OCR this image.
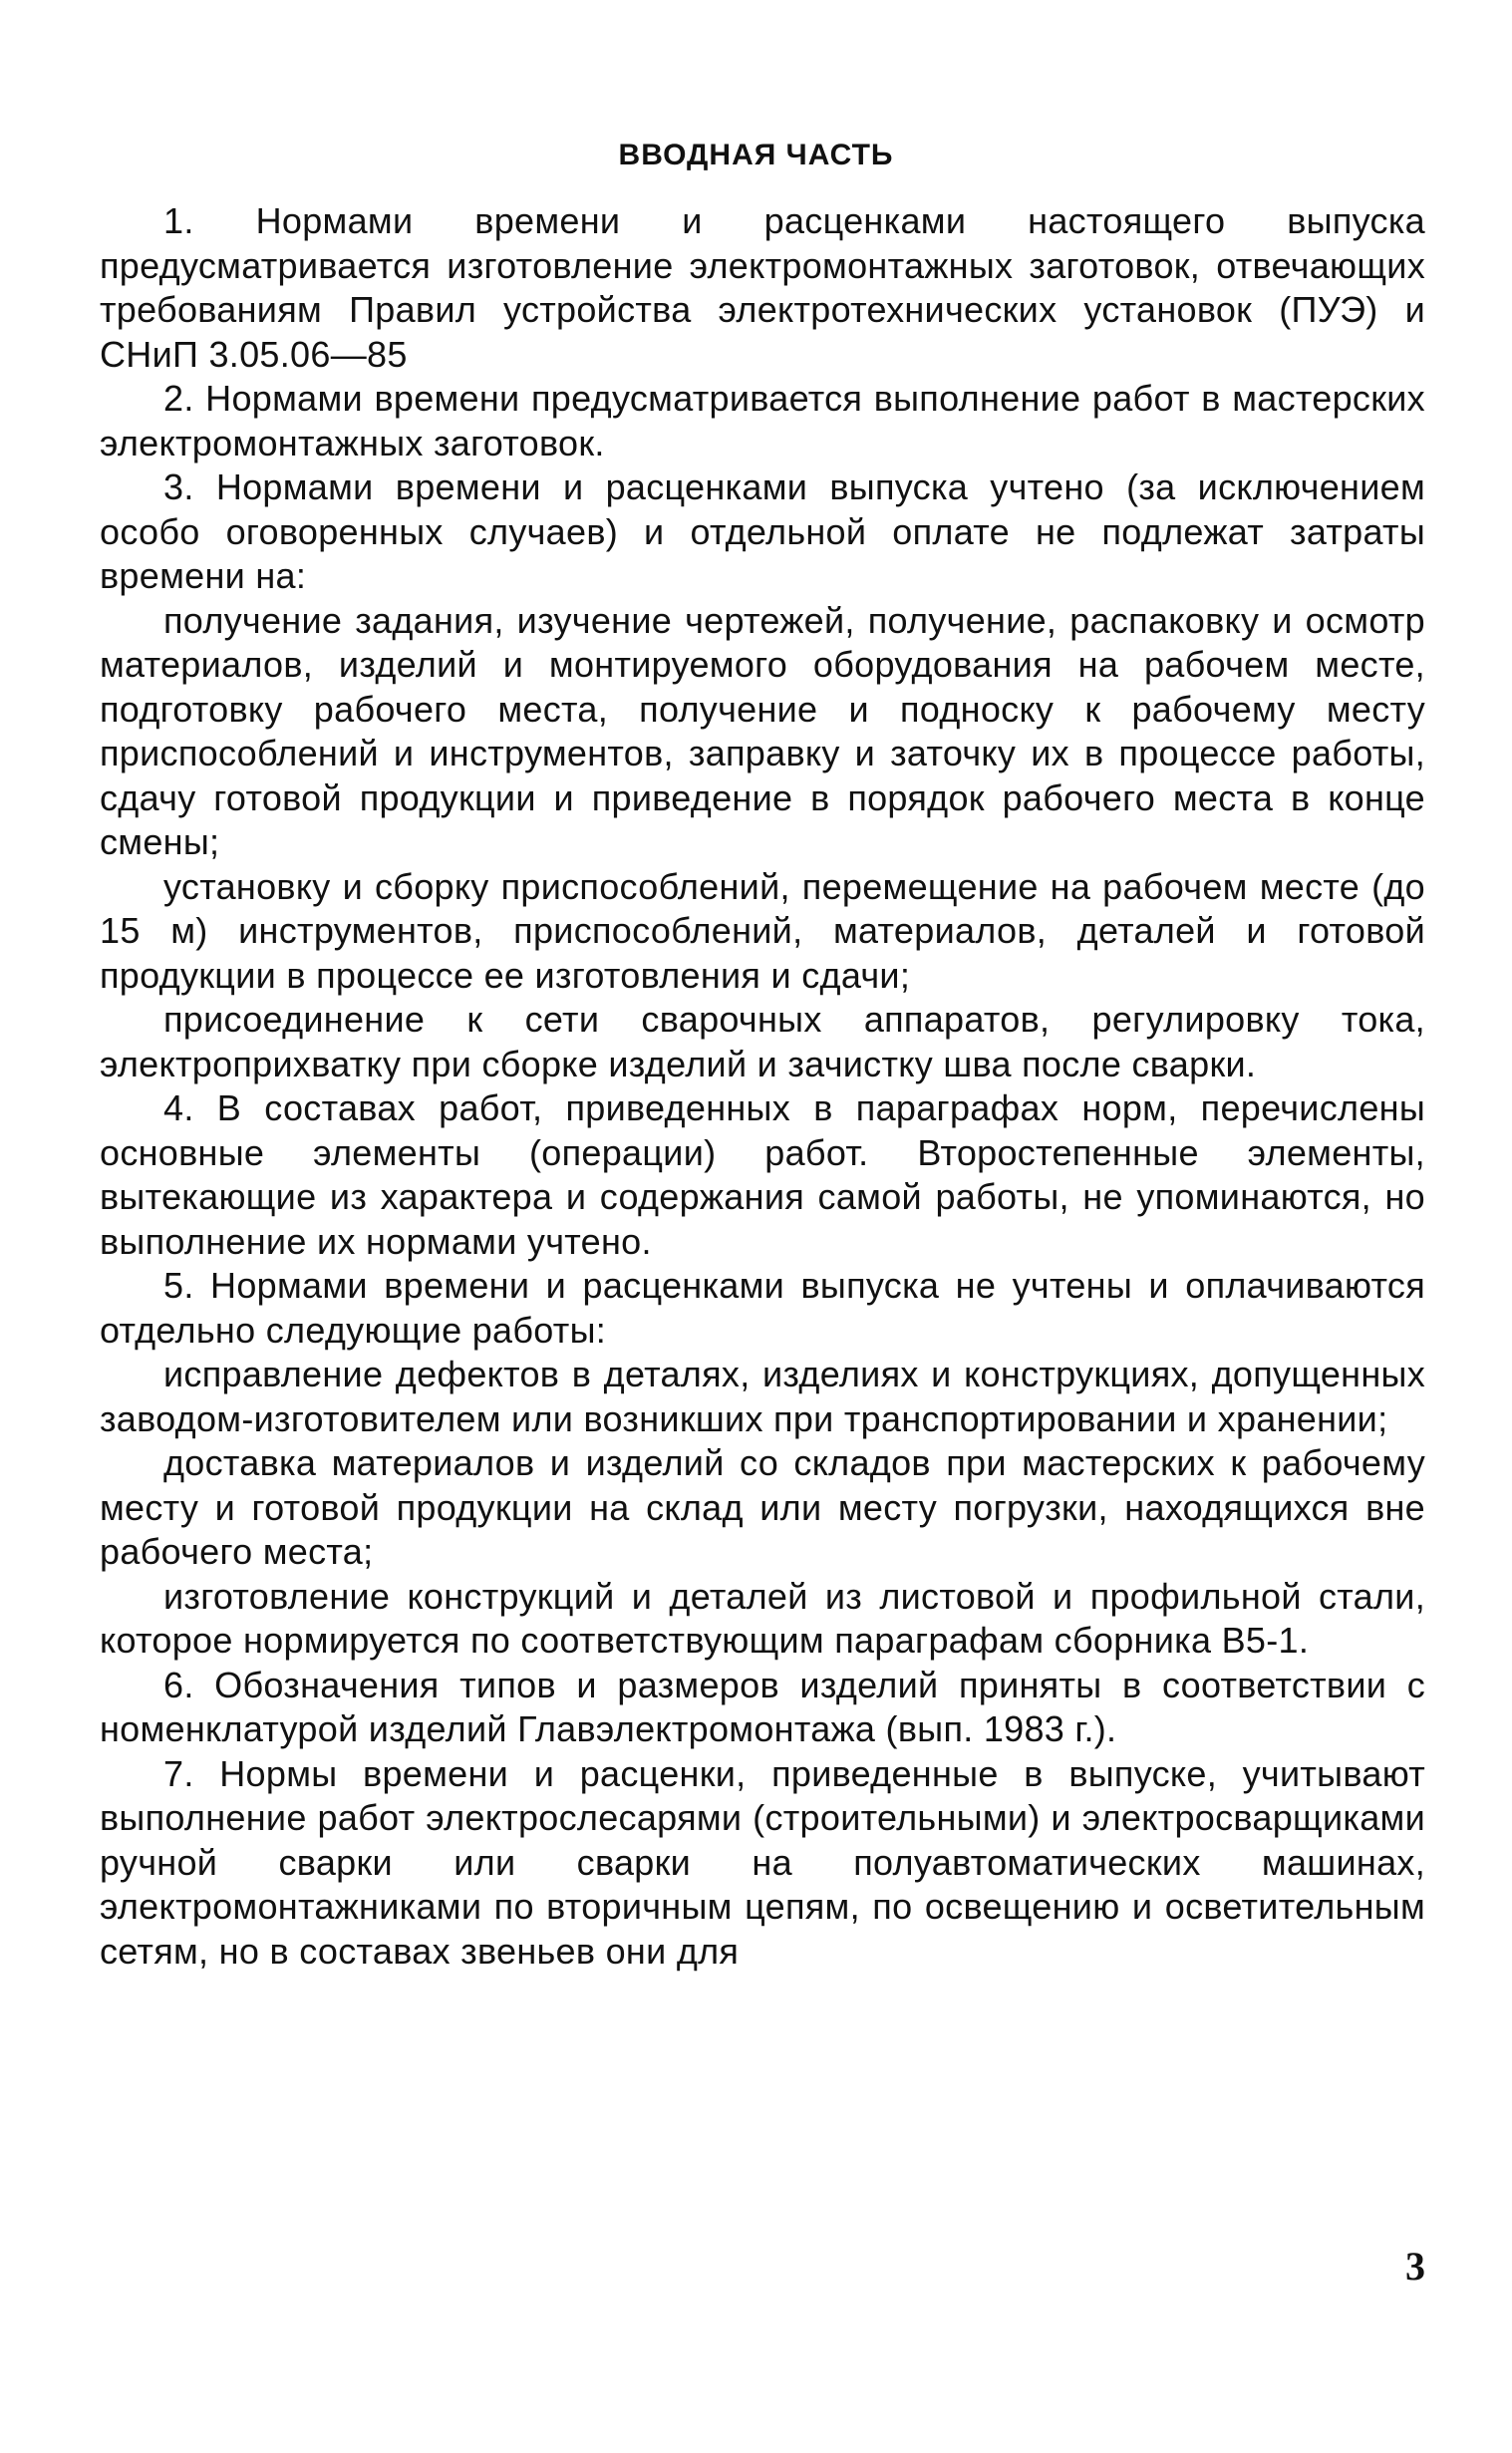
ВВОДНАЯ ЧАСТЬ

1. Нормами времени и расценками настоящего выпуска предусматривается изготовление электромонтажных заготовок, отвечающих требованиям Правил устройства электротехнических установок (ПУЭ) и СНиП 3.05.06—85

2. Нормами времени предусматривается выполнение работ в мастерских электромонтажных заготовок.

3. Нормами времени и расценками выпуска учтено (за исключением особо оговоренных случаев) и отдельной оплате не подлежат затраты времени на:

получение задания, изучение чертежей, получение, распаковку и осмотр материалов, изделий и монтируемого оборудования на рабочем месте, подготовку рабочего места, получение и подноску к рабочему месту приспособлений и инструментов, заправку и заточку их в процессе работы, сдачу готовой продукции и приведение в порядок рабочего места в конце смены;

установку и сборку приспособлений, перемещение на рабочем месте (до 15 м) инструментов, приспособлений, материалов, деталей и готовой продукции в процессе ее изготовления и сдачи;

присоединение к сети сварочных аппаратов, регулировку тока, электроприхватку при сборке изделий и зачистку шва после сварки.

4. В составах работ, приведенных в параграфах норм, перечислены основные элементы (операции) работ. Второстепенные элементы, вытекающие из характера и содержания самой работы, не упоминаются, но выполнение их нормами учтено.

5. Нормами времени и расценками выпуска не учтены и оплачиваются отдельно следующие работы:

исправление дефектов в деталях, изделиях и конструкциях, допущенных заводом-изготовителем или возникших при транспортировании и хранении;

доставка материалов и изделий со складов при мастерских к рабочему месту и готовой продукции на склад или месту погрузки, находящихся вне рабочего места;

изготовление конструкций и деталей из листовой и профильной стали, которое нормируется по соответствующим параграфам сборника В5-1.

6. Обозначения типов и размеров изделий приняты в соответствии с номенклатурой изделий Главэлектромонтажа (вып. 1983 г.).

7. Нормы времени и расценки, приведенные в выпуске, учитывают выполнение работ электрослесарями (строительными) и электросварщиками ручной сварки или сварки на полуавтоматических машинах, электромонтажниками по вторичным цепям, по освещению и осветительным сетям, но в составах звеньев они для

3
